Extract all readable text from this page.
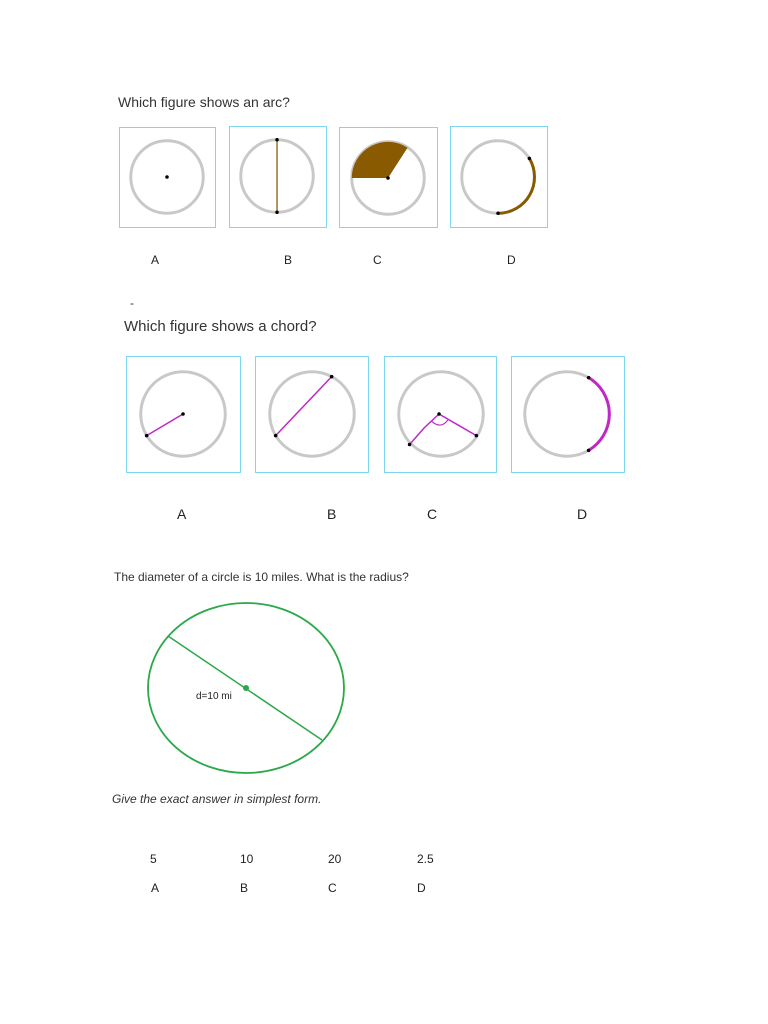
Which figure shows an arc?
A	B	C	D
-
Which figure shows a chord?
A	B	C	D
The diameter of a circle is 10 miles. What is the radius?
d=10 mi
Give the exact answer in simplest form.
5	10	20	2.5
A	B	C	D
